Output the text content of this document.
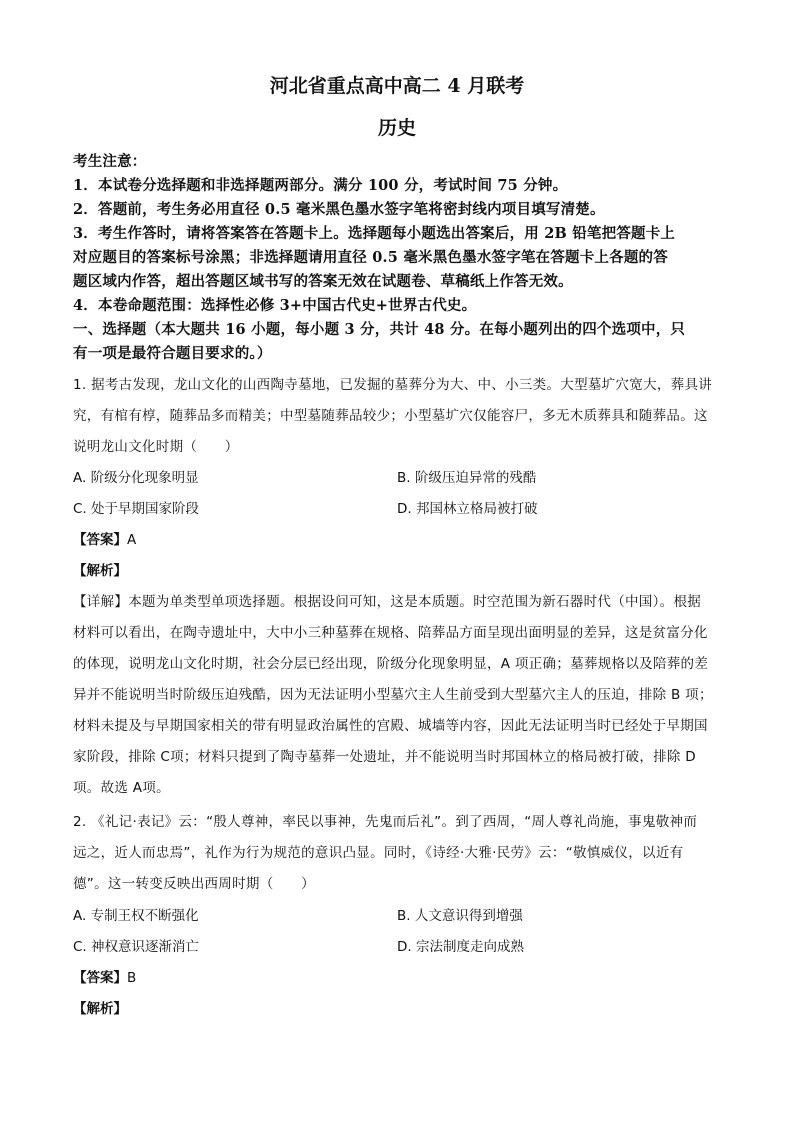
河北省重点高中高二 4 月联考
历史
考生注意：
1．本试卷分选择题和非选择题两部分。满分 100 分，考试时间 75 分钟。
2．答题前，考生务必用直径 0.5 毫米黑色墨水签字笔将密封线内项目填写清楚。
3．考生作答时，请将答案答在答题卡上。选择题每小题选出答案后，用 2B 铅笔把答题卡上
对应题目的答案标号涂黑；非选择题请用直径 0.5 毫米黑色墨水签字笔在答题卡上各题的答
题区域内作答，超出答题区域书写的答案无效在试题卷、草稿纸上作答无效。
4．本卷命题范围：选择性必修 3+中国古代史+世界古代史。
一、选择题（本大题共 16 小题，每小题 3 分，共计 48 分。在每小题列出的四个选项中，只
有一项是最符合题目要求的。）
1. 据考古发现，龙山文化的山西陶寺墓地，已发掘的墓葬分为大、中、小三类。大型墓圹穴宽大，葬具讲
究，有棺有椁，随葬品多而精美；中型墓随葬品较少；小型墓圹穴仅能容尸，多无木质葬具和随葬品。这
说明龙山文化时期（　　）
A. 阶级分化现象明显	B. 阶级压迫异常的残酷
C. 处于早期国家阶段	D. 邦国林立格局被打破
【答案】A
【解析】
【详解】本题为单类型单项选择题。根据设问可知，这是本质题。时空范围为新石器时代（中国）。根据
材料可以看出，在陶寺遗址中，大中小三种墓葬在规格、陪葬品方面呈现出面明显的差异，这是贫富分化
的体现，说明龙山文化时期，社会分层已经出现，阶级分化现象明显，A 项正确；墓葬规格以及陪葬的差
异并不能说明当时阶级压迫残酷，因为无法证明小型墓穴主人生前受到大型墓穴主人的压迫，排除 B 项；
材料未提及与早期国家相关的带有明显政治属性的宫殿、城墙等内容，因此无法证明当时已经处于早期国
家阶段，排除 C项；材料只提到了陶寺墓葬一处遗址，并不能说明当时邦国林立的格局被打破，排除 D
项。故选 A项。
2. 《礼记·表记》云：“殷人尊神，率民以事神，先鬼而后礼”。到了西周，“周人尊礼尚施，事鬼敬神而
远之，近人而忠焉”，礼作为行为规范的意识凸显。同时，《诗经·大雅·民劳》云：“敬慎威仪，以近有
德”。这一转变反映出西周时期（　　）
A. 专制王权不断强化	B. 人文意识得到增强
C. 神权意识逐渐消亡	D. 宗法制度走向成熟
【答案】B
【解析】
